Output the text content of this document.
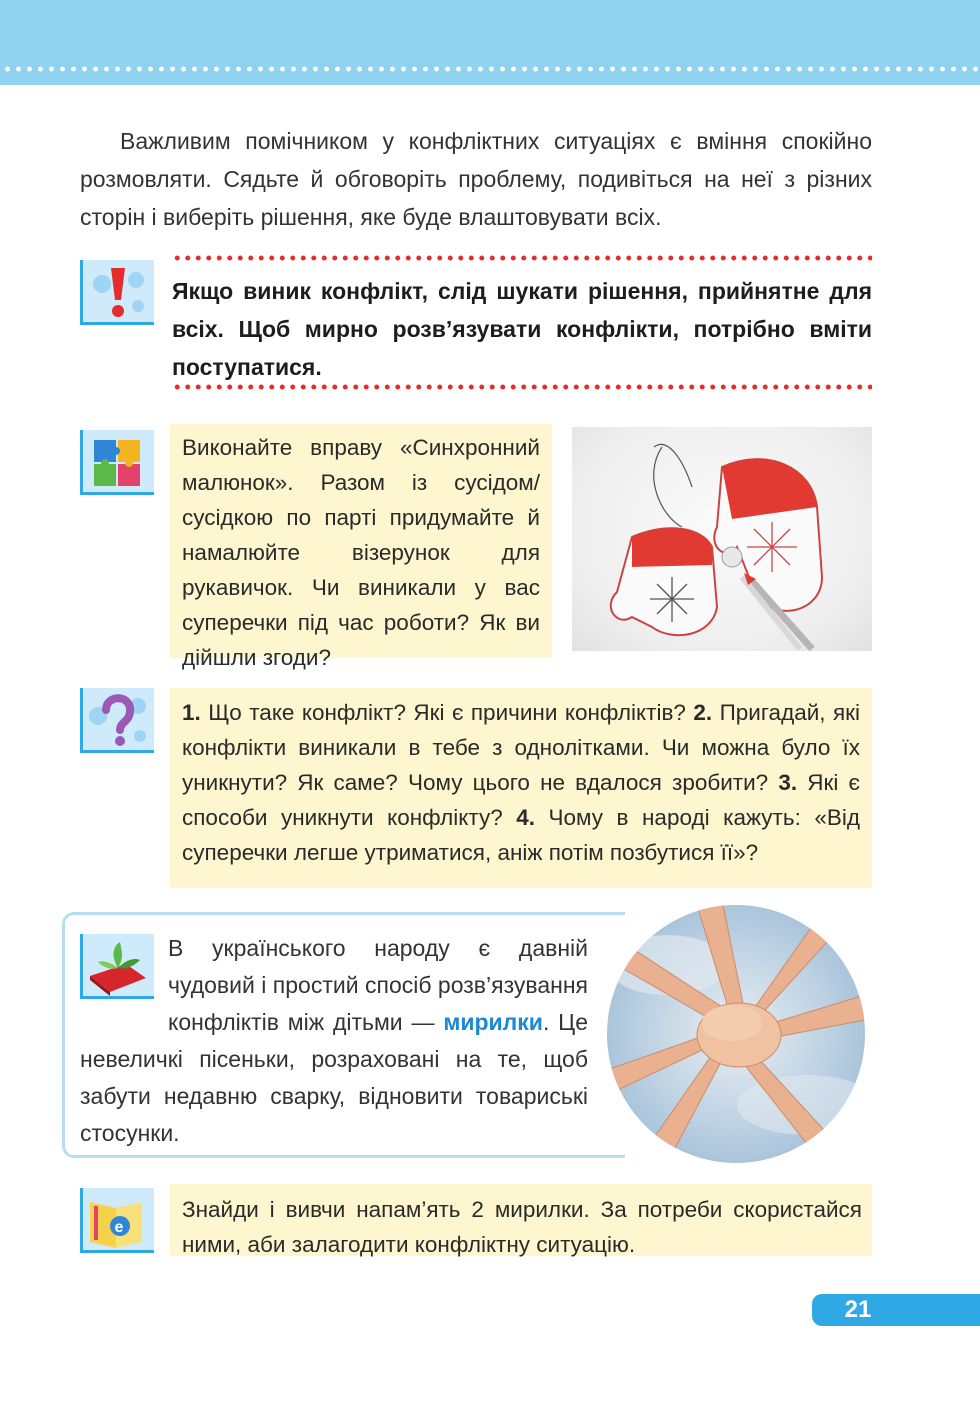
Важливим помічником у конфліктних ситуаціях є вміння спокійно розмовляти. Сядьте й обговоріть проблему, подивіться на неї з різних сторін і виберіть рішення, яке буде влаштовувати всіх.

Якщо виник конфлікт, слід шукати рішення, прийнятне для всіх. Щоб мирно розв’язувати конфлікти, потрібно вміти поступатися.
Виконайте вправу «Синхронний малюнок». Разом із сусідом/сусідкою по парті придумайте й намалюйте візерунок для рукавичок. Чи виникали у вас суперечки під час роботи? Як ви дійшли згоди?
1. Що таке конфлікт? Які є причини конфліктів? 2. Пригадай, які конфлікти виникали в тебе з однолітками. Чи можна було їх уникнути? Як саме? Чому цього не вдалося зробити? 3. Які є способи уникнути конфлікту? 4. Чому в народі кажуть: «Від суперечки легше утриматися, аніж потім позбутися її»?
В українського народу є давній чудовий і простий спосіб розв’язування конфліктів між дітьми — мирилки. Це невеличкі пісеньки, розраховані на те, щоб забути недавню сварку, відновити товариські стосунки.
e
Знайди і вивчи напам’ять 2 мирилки. За потреби скористайся ними, аби залагодити конфліктну ситуацію.
21
